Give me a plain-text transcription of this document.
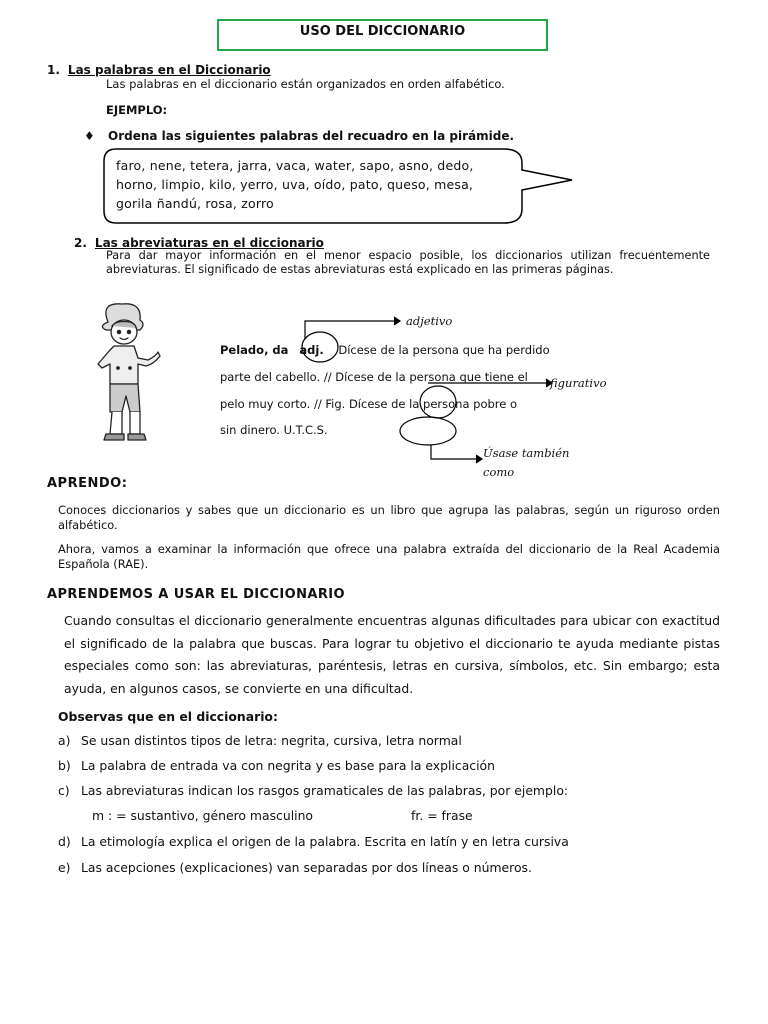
USO DEL DICCIONARIO
1. Las palabras en el Diccionario
Las palabras en el diccionario están organizados en orden alfabético.
EJEMPLO:
♦ Ordena las siguientes palabras del recuadro en la pirámide.
faro, nene, tetera, jarra, vaca, water, sapo, asno, dedo,
horno, limpio, kilo, yerro, uva, oído, pato, queso, mesa,
gorila ñandú, rosa, zorro
2. Las abreviaturas en el diccionario
Para dar mayor información en el menor espacio posible, los diccionarios utilizan frecuentemente abreviaturas. El significado de estas abreviaturas está explicado en las primeras páginas.
adjetivo
figurativo
Úsase también
como
Pelado, da adj. Dícese de la persona que ha perdido
parte del cabello. // Dícese de la persona que tiene el
pelo muy corto. // Fig. Dícese de la persona pobre o
sin dinero. U.T.C.S.
APRENDO:
Conoces diccionarios y sabes que un diccionario es un libro que agrupa las palabras, según un riguroso orden alfabético.
Ahora, vamos a examinar la información que ofrece una palabra extraída del diccionario de la Real Academia Española (RAE).
APRENDEMOS A USAR EL DICCIONARIO
Cuando consultas el diccionario generalmente encuentras algunas dificultades para ubicar con exactitud el significado de la palabra que buscas. Para lograr tu objetivo el diccionario te ayuda mediante pistas especiales como son: las abreviaturas, paréntesis, letras en cursiva, símbolos, etc. Sin embargo; esta ayuda, en algunos casos, se convierte en una dificultad.
Observas que en el diccionario:
a) Se usan distintos tipos de letra: negrita, cursiva, letra normal
b) La palabra de entrada va con negrita y es base para la explicación
c) Las abreviaturas indican los rasgos gramaticales de las palabras, por ejemplo:
m : = sustantivo, género masculino	fr. = frase
d) La etimología explica el origen de la palabra. Escrita en latín y en letra cursiva
e) Las acepciones (explicaciones) van separadas por dos líneas o números.
